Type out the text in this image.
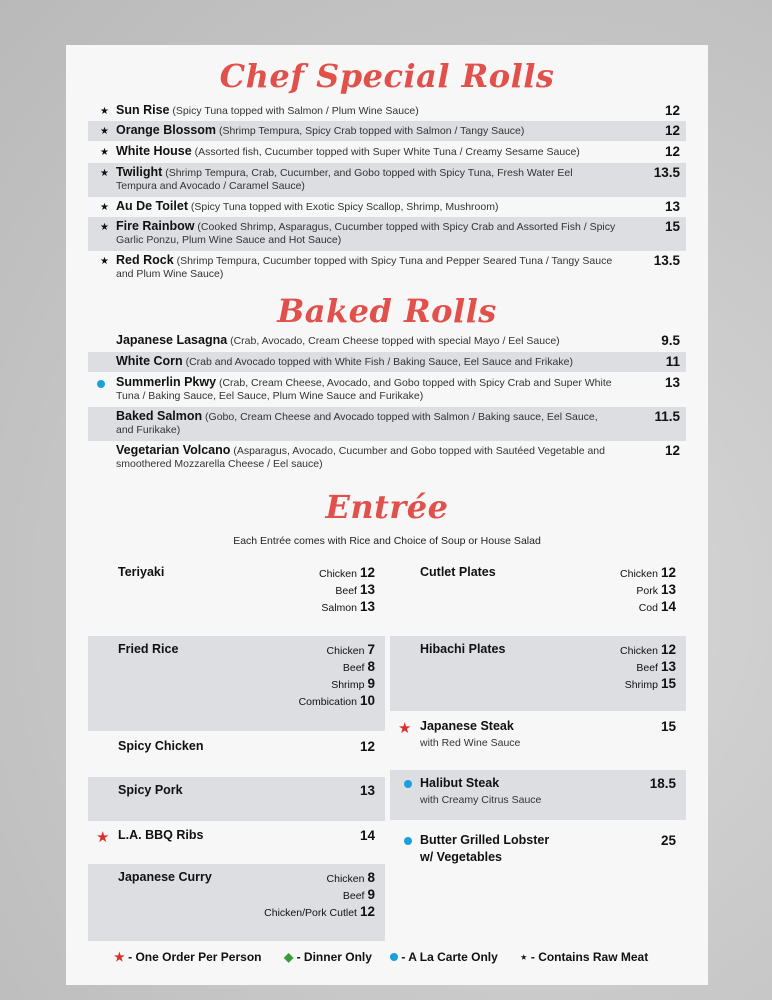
Chef Special Rolls
★ Sun Rise (Spicy Tuna topped with Salmon / Plum Wine Sauce)	12
★ Orange Blossom (Shrimp Tempura, Spicy Crab topped with Salmon / Tangy Sauce)	12
★ White House (Assorted fish, Cucumber topped with Super White Tuna / Creamy Sesame Sauce)	12
★ Twilight (Shrimp Tempura, Crab, Cucumber, and Gobo topped with Spicy Tuna, Fresh Water Eel Tempura and Avocado / Caramel Sauce)
13.5
★ Au De Toilet (Spicy Tuna topped with Exotic Spicy Scallop, Shrimp, Mushroom)	13
★ Fire Rainbow (Cooked Shrimp, Asparagus, Cucumber topped with Spicy Crab and Assorted Fish / Spicy Garlic Ponzu, Plum Wine Sauce and Hot Sauce)
15
★ Red Rock (Shrimp Tempura, Cucumber topped with Spicy Tuna and Pepper Seared Tuna / Tangy Sauce and Plum Wine Sauce)
13.5
Baked Rolls
Japanese Lasagna (Crab, Avocado, Cream Cheese topped with special Mayo / Eel Sauce)	9.5
White Corn (Crab and Avocado topped with White Fish / Baking Sauce, Eel Sauce and Frikake)	11
Summerlin Pkwy (Crab, Cream Cheese, Avocado, and Gobo topped with Spicy Crab and Super White Tuna / Baking Sauce, Eel Sauce, Plum Wine Sauce and Furikake)
13
Baked Salmon (Gobo, Cream Cheese and Avocado topped with Salmon / Baking sauce, Eel Sauce, and Furikake)
11.5
Vegetarian Volcano (Asparagus, Avocado, Cucumber and Gobo topped with Sautéed Vegetable and smoothered Mozzarella Cheese / Eel sauce)
12
Entrée
Each Entrée comes with Rice and Choice of Soup or House Salad
Teriyaki	Chicken 12
Beef 13
Salmon 13
Fried Rice	Chicken 7
Beef 8
Shrimp 9
Combication 10
Spicy Chicken	12
Spicy Pork	13
★ L.A. BBQ Ribs	14
Japanese Curry	Chicken 8
Beef 9
Chicken/Pork Cutlet 12
Cutlet Plates	Chicken 12
Pork 13
Cod 14
Hibachi Plates	Chicken 12
Beef 13
Shrimp 15
★ Japanese Steak
with Red Wine Sauce
15
Halibut Steak
with Creamy Citrus Sauce
18.5
Butter Grilled Lobster
w/ Vegetables
25
★ - One Order Per Person ◆ - Dinner Only	- A La Carte Only ⋆ - Contains Raw Meat
